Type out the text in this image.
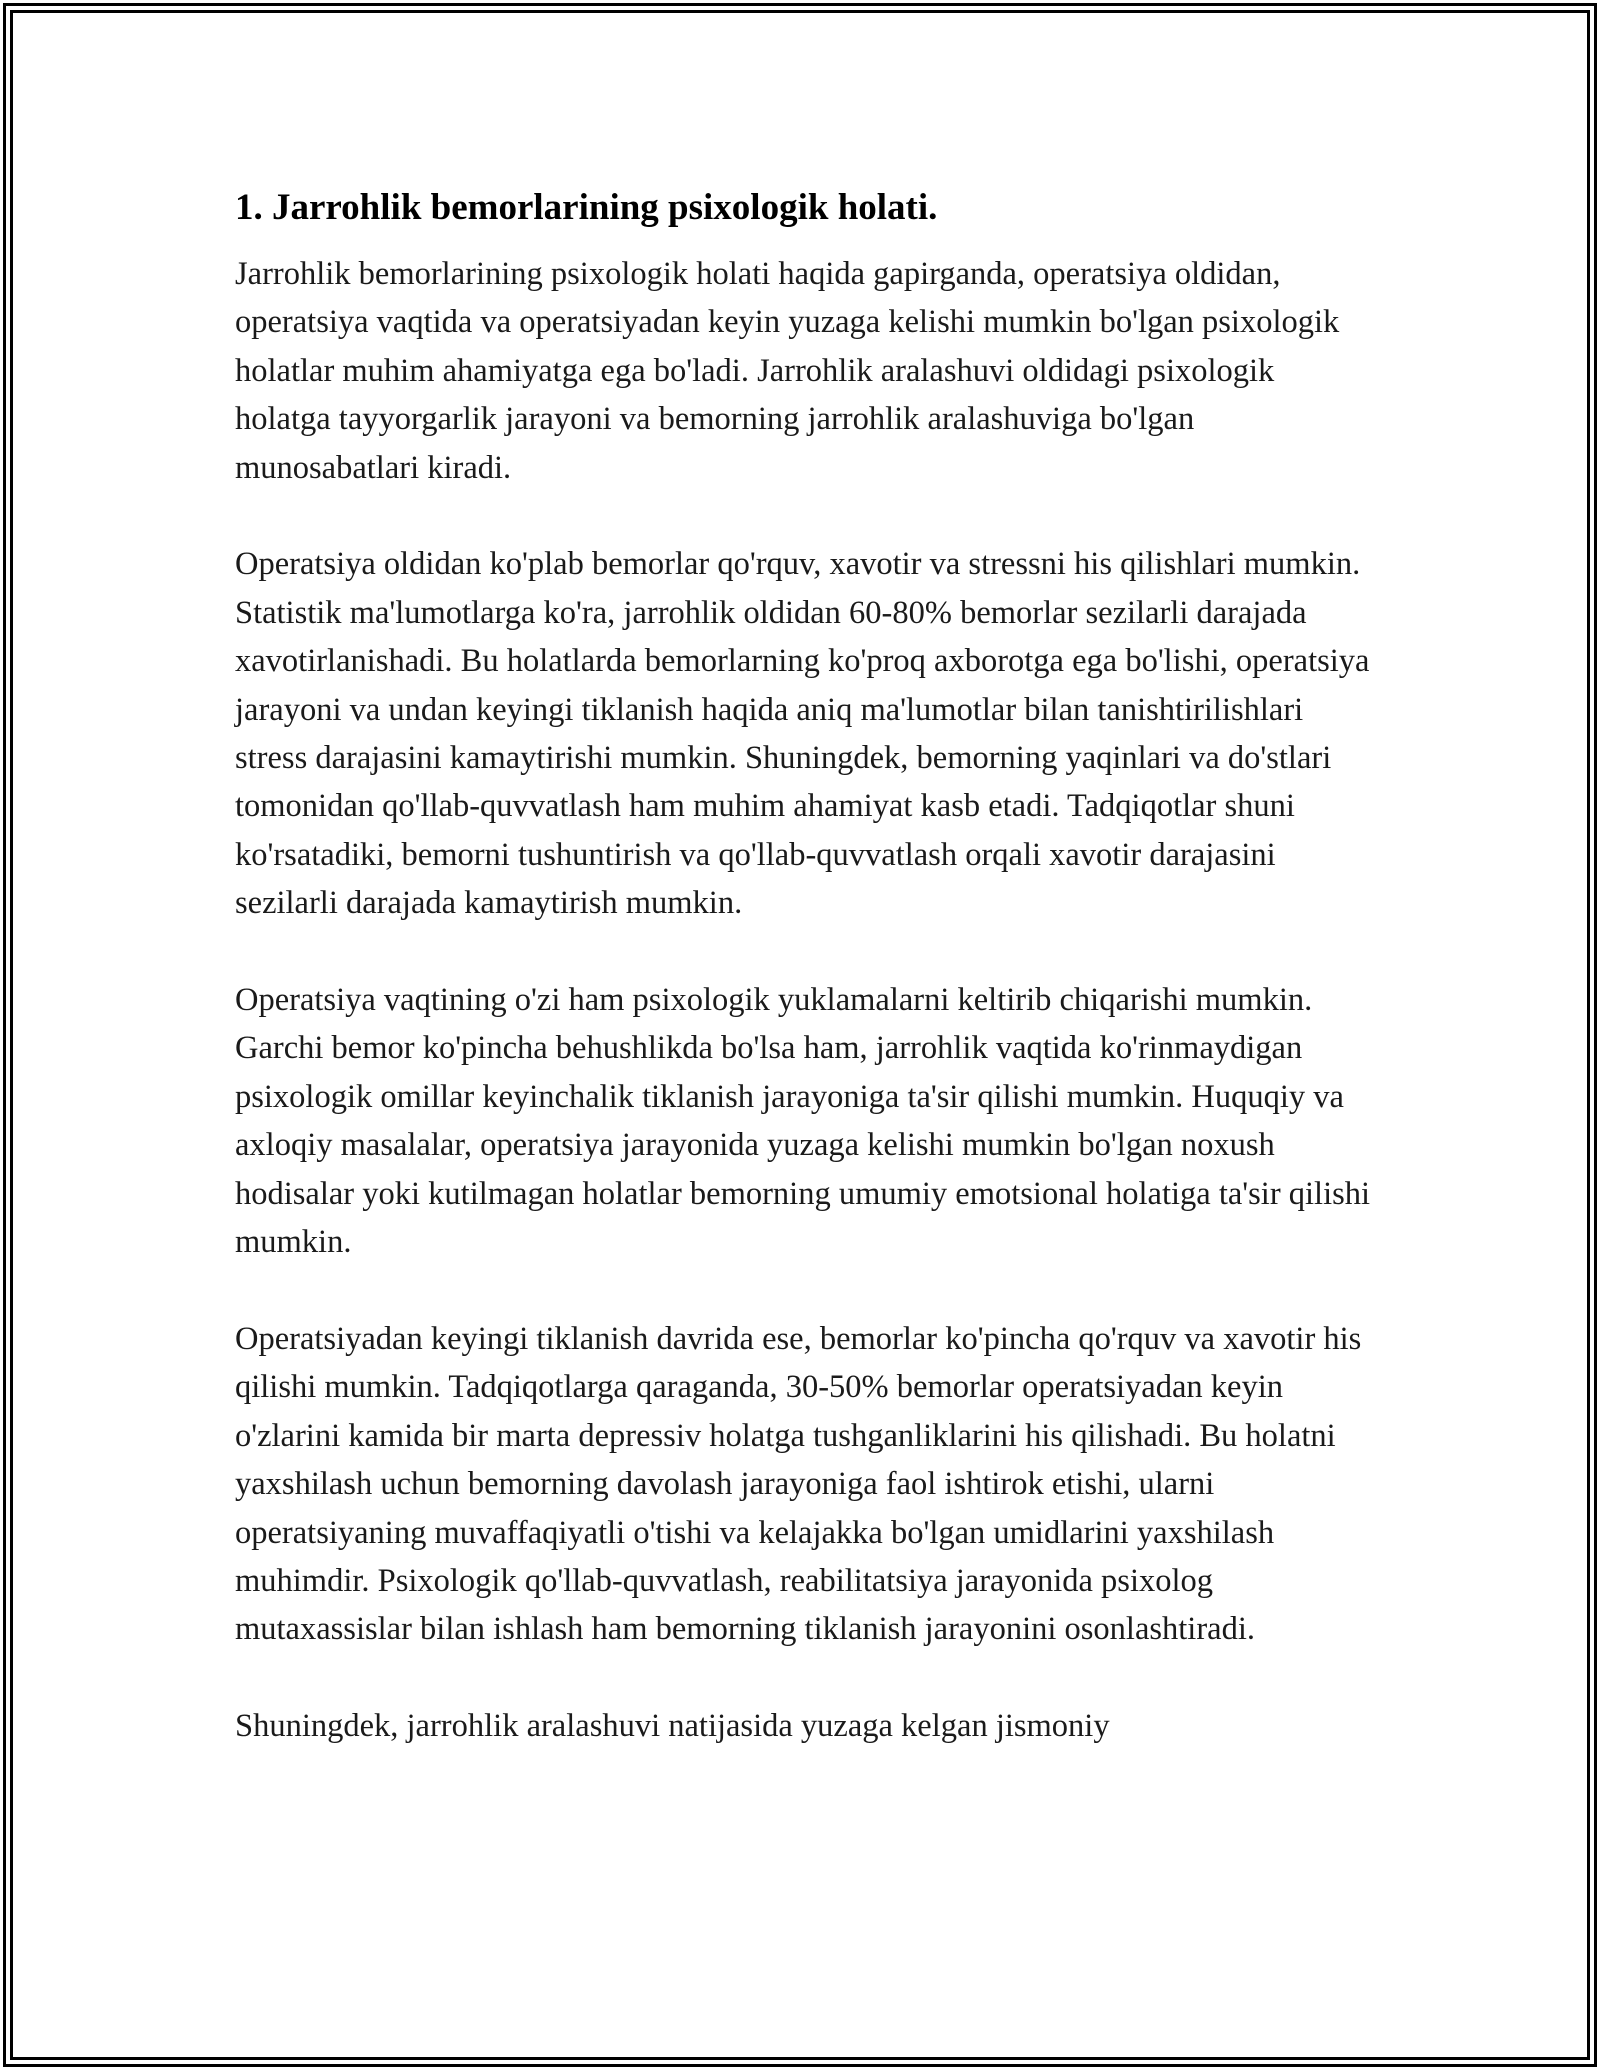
1. Jarrohlik bemorlarining psixologik holati.

Jarrohlik bemorlarining psixologik holati haqida gapirganda, operatsiya oldidan, operatsiya vaqtida va operatsiyadan keyin yuzaga kelishi mumkin bo'lgan psixologik holatlar muhim ahamiyatga ega bo'ladi. Jarrohlik aralashuvi oldidagi psixologik holatga tayyorgarlik jarayoni va bemorning jarrohlik aralashuviga bo'lgan munosabatlari kiradi.

Operatsiya oldidan ko'plab bemorlar qo'rquv, xavotir va stressni his qilishlari mumkin. Statistik ma'lumotlarga ko'ra, jarrohlik oldidan 60-80% bemorlar sezilarli darajada xavotirlanishadi. Bu holatlarda bemorlarning ko'proq axborotga ega bo'lishi, operatsiya jarayoni va undan keyingi tiklanish haqida aniq ma'lumotlar bilan tanishtirilishlari stress darajasini kamaytirishi mumkin. Shuningdek, bemorning yaqinlari va do'stlari tomonidan qo'llab-quvvatlash ham muhim ahamiyat kasb etadi. Tadqiqotlar shuni ko'rsatadiki, bemorni tushuntirish va qo'llab-quvvatlash orqali xavotir darajasini sezilarli darajada kamaytirish mumkin.

Operatsiya vaqtining o'zi ham psixologik yuklamalarni keltirib chiqarishi mumkin. Garchi bemor ko'pincha behushlikda bo'lsa ham, jarrohlik vaqtida ko'rinmaydigan psixologik omillar keyinchalik tiklanish jarayoniga ta'sir qilishi mumkin. Huquqiy va axloqiy masalalar, operatsiya jarayonida yuzaga kelishi mumkin bo'lgan noxush hodisalar yoki kutilmagan holatlar bemorning umumiy emotsional holatiga ta'sir qilishi mumkin.

Operatsiyadan keyingi tiklanish davrida ese, bemorlar ko'pincha qo'rquv va xavotir his qilishi mumkin. Tadqiqotlarga qaraganda, 30-50% bemorlar operatsiyadan keyin o'zlarini kamida bir marta depressiv holatga tushganliklarini his qilishadi. Bu holatni yaxshilash uchun bemorning davolash jarayoniga faol ishtirok etishi, ularni operatsiyaning muvaffaqiyatli o'tishi va kelajakka bo'lgan umidlarini yaxshilash muhimdir. Psixologik qo'llab-quvvatlash, reabilitatsiya jarayonida psixolog mutaxassislar bilan ishlash ham bemorning tiklanish jarayonini osonlashtiradi.

Shuningdek, jarrohlik aralashuvi natijasida yuzaga kelgan jismoniy
